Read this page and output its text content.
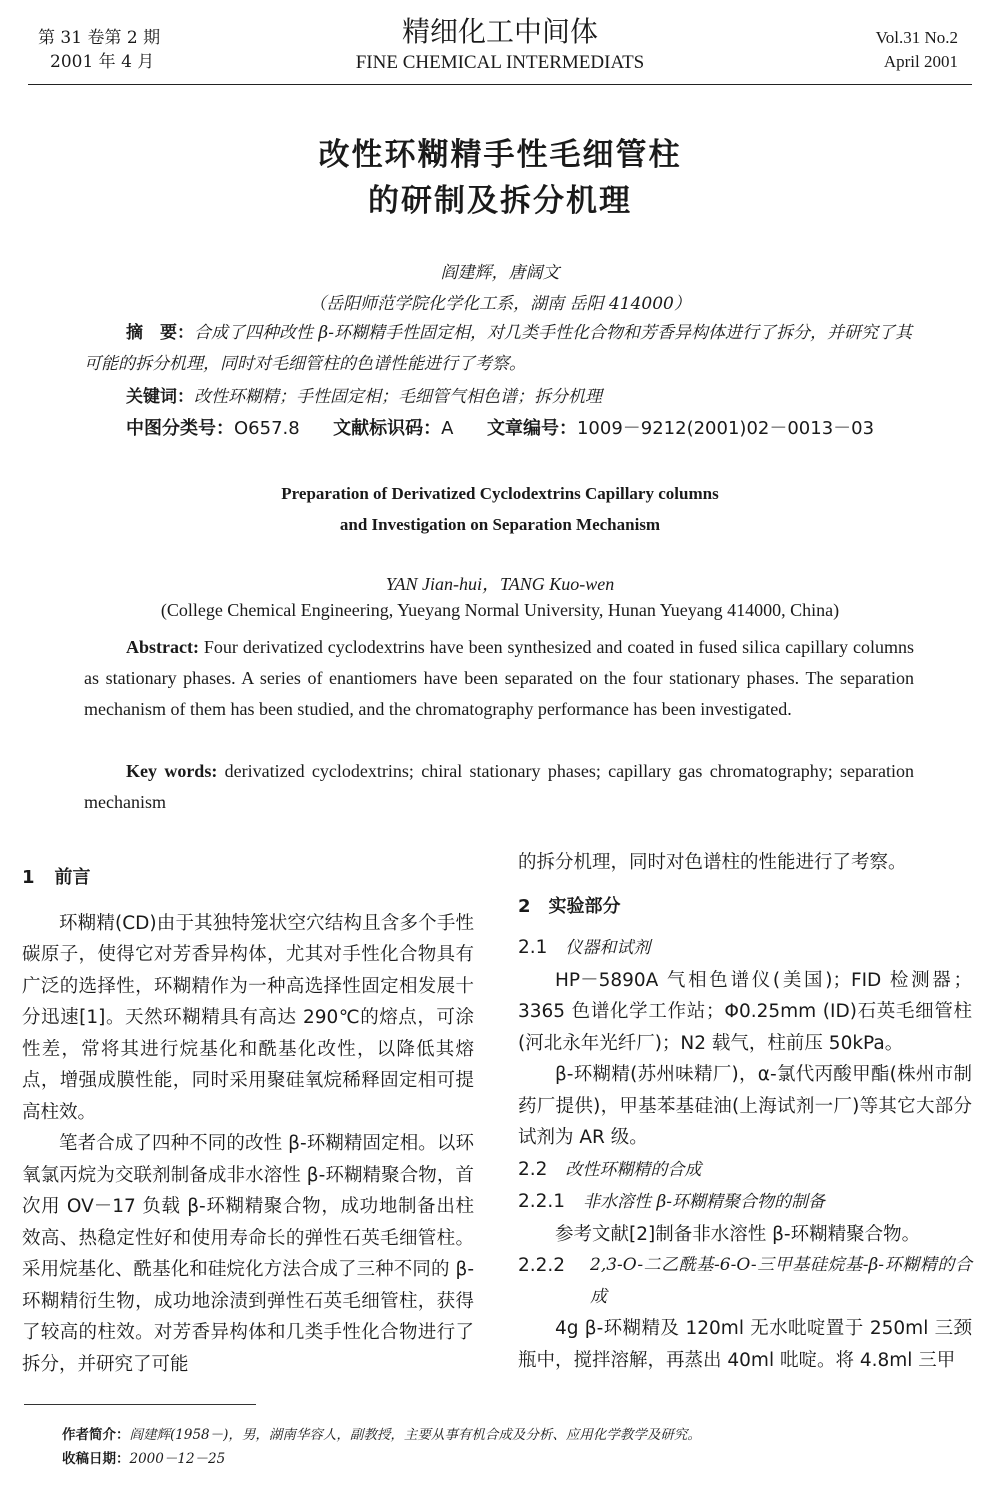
第 31 卷第 2 期
2001 年 4 月
精细化工中间体
FINE CHEMICAL INTERMEDIATS
Vol.31 No.2
April 2001
改性环糊精手性毛细管柱
的研制及拆分机理
阎建辉，唐阔文
（岳阳师范学院化学化工系，湖南 岳阳 414000）
摘　要：合成了四种改性 β-环糊精手性固定相，对几类手性化合物和芳香异构体进行了拆分，并研究了其可能的拆分机理，同时对毛细管柱的色谱性能进行了考察。
关键词：改性环糊精；手性固定相；毛细管气相色谱；拆分机理
中图分类号：O657.8 文献标识码：A 文章编号：1009－9212(2001)02－0013－03
Preparation of Derivatized Cyclodextrins Capillary columns
and Investigation on Separation Mechanism
YAN Jian-hui，TANG Kuo-wen
(College Chemical Engineering, Yueyang Normal University, Hunan Yueyang 414000, China)
Abstract: Four derivatized cyclodextrins have been synthesized and coated in fused silica capillary columns as stationary phases. A series of enantiomers have been separated on the four stationary phases. The separation mechanism of them has been studied, and the chromatography performance has been investigated.
Key words: derivatized cyclodextrins; chiral stationary phases; capillary gas chromatography; separation mechanism

1 前言

环糊精(CD)由于其独特笼状空穴结构且含多个手性碳原子，使得它对芳香异构体，尤其对手性化合物具有广泛的选择性，环糊精作为一种高选择性固定相发展十分迅速[1]。天然环糊精具有高达 290℃的熔点，可涂性差，常将其进行烷基化和酰基化改性，以降低其熔点，增强成膜性能，同时采用聚硅氧烷稀释固定相可提高柱效。

笔者合成了四种不同的改性 β-环糊精固定相。以环氧氯丙烷为交联剂制备成非水溶性 β-环糊精聚合物，首次用 OV－17 负载 β-环糊精聚合物，成功地制备出柱效高、热稳定性好和使用寿命长的弹性石英毛细管柱。采用烷基化、酰基化和硅烷化方法合成了三种不同的 β-环糊精衍生物，成功地涂渍到弹性石英毛细管柱，获得了较高的柱效。对芳香异构体和几类手性化合物进行了拆分，并研究了可能

的拆分机理，同时对色谱柱的性能进行了考察。

2 实验部分

2.1 仪器和试剂

HP－5890A 气相色谱仪(美国)；FID 检测器；3365 色谱化学工作站；Φ0.25mm (ID)石英毛细管柱(河北永年光纤厂)；N2 载气，柱前压 50kPa。

β-环糊精(苏州味精厂)，α-氯代丙酸甲酯(株州市制药厂提供)，甲基苯基硅油(上海试剂一厂)等其它大部分试剂为 AR 级。

2.2 改性环糊精的合成

2.2.1 非水溶性 β-环糊精聚合物的制备

参考文献[2]制备非水溶性 β-环糊精聚合物。

2.2.2	2,3-O-二乙酰基-6-O-三甲基硅烷基-β-环糊精的合成

4g β-环糊精及 120ml 无水吡啶置于 250ml 三颈瓶中，搅拌溶解，再蒸出 40ml 吡啶。将 4.8ml 三甲

作者简介：阎建辉(1958－)，男，湖南华容人，副教授，主要从事有机合成及分析、应用化学教学及研究。
收稿日期：2000－12－25
